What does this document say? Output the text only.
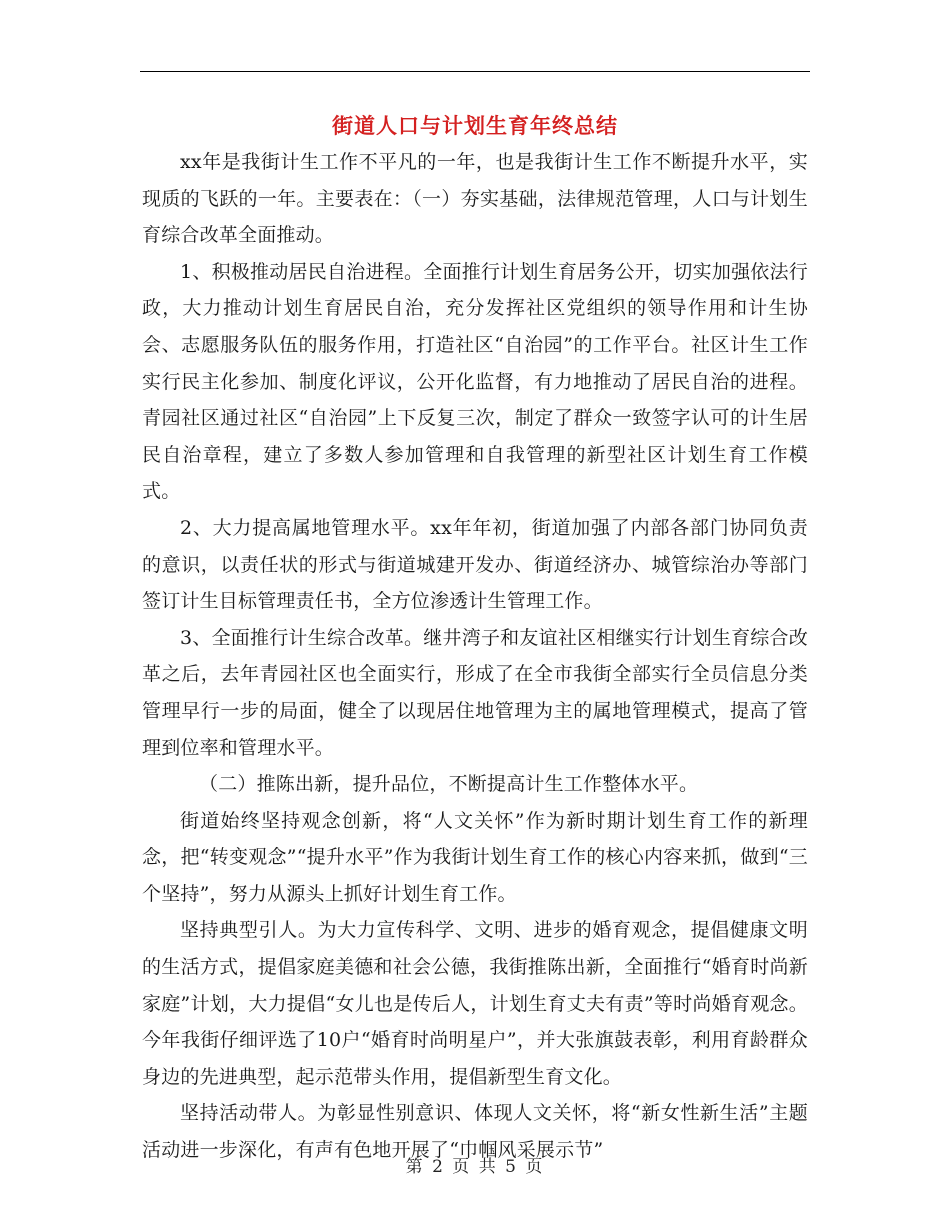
街道人口与计划生育年终总结

xx年是我街计生工作不平凡的一年，也是我街计生工作不断提升水平，实现质的飞跃的一年。主要表在：（一）夯实基础，法律规范管理，人口与计划生育综合改革全面推动。

1、积极推动居民自治进程。全面推行计划生育居务公开，切实加强依法行政，大力推动计划生育居民自治，充分发挥社区党组织的领导作用和计生协会、志愿服务队伍的服务作用，打造社区“自治园”的工作平台。社区计生工作实行民主化参加、制度化评议，公开化监督，有力地推动了居民自治的进程。青园社区通过社区“自治园”上下反复三次，制定了群众一致签字认可的计生居民自治章程，建立了多数人参加管理和自我管理的新型社区计划生育工作模式。

2、大力提高属地管理水平。xx年年初，街道加强了内部各部门协同负责的意识，以责任状的形式与街道城建开发办、街道经济办、城管综治办等部门签订计生目标管理责任书，全方位渗透计生管理工作。

3、全面推行计生综合改革。继井湾子和友谊社区相继实行计划生育综合改革之后，去年青园社区也全面实行，形成了在全市我街全部实行全员信息分类管理早行一步的局面，健全了以现居住地管理为主的属地管理模式，提高了管理到位率和管理水平。

（二）推陈出新，提升品位，不断提高计生工作整体水平。

街道始终坚持观念创新，将“人文关怀”作为新时期计划生育工作的新理念，把“转变观念”“提升水平”作为我街计划生育工作的核心内容来抓，做到“三个坚持”，努力从源头上抓好计划生育工作。

坚持典型引人。为大力宣传科学、文明、进步的婚育观念，提倡健康文明的生活方式，提倡家庭美德和社会公德，我街推陈出新，全面推行“婚育时尚新家庭”计划，大力提倡“女儿也是传后人，计划生育丈夫有责”等时尚婚育观念。今年我街仔细评选了10户“婚育时尚明星户”，并大张旗鼓表彰，利用育龄群众身边的先进典型，起示范带头作用，提倡新型生育文化。

坚持活动带人。为彰显性别意识、体现人文关怀，将“新女性新生活”主题活动进一步深化，有声有色地开展了“巾帼风采展示节”

第 2 页 共 5 页
